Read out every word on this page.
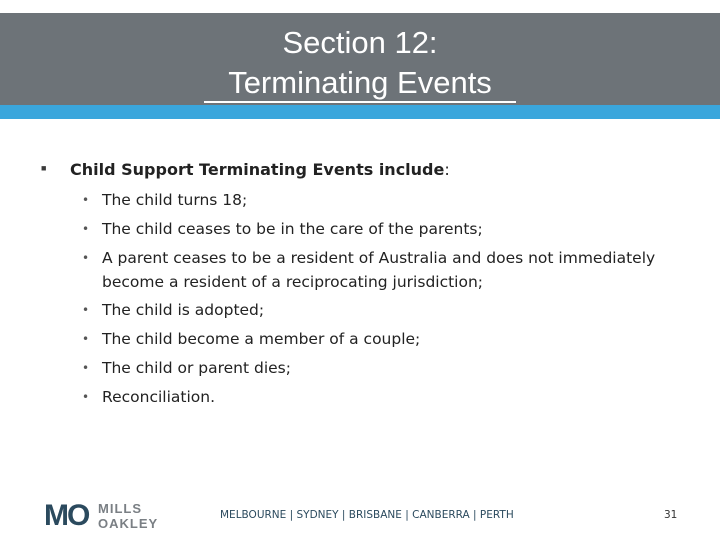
Section 12:
Terminating Events
■ Child Support Terminating Events include:
• The child turns 18;
• The child ceases to be in the care of the parents;
• A parent ceases to be a resident of Australia and does not immediately become a resident of a reciprocating jurisdiction;
• The child is adopted;
• The child become a member of a couple;
• The child or parent dies;
• Reconciliation.
MO MILLS
OAKLEY
MELBOURNE | SYDNEY | BRISBANE | CANBERRA | PERTH	31
